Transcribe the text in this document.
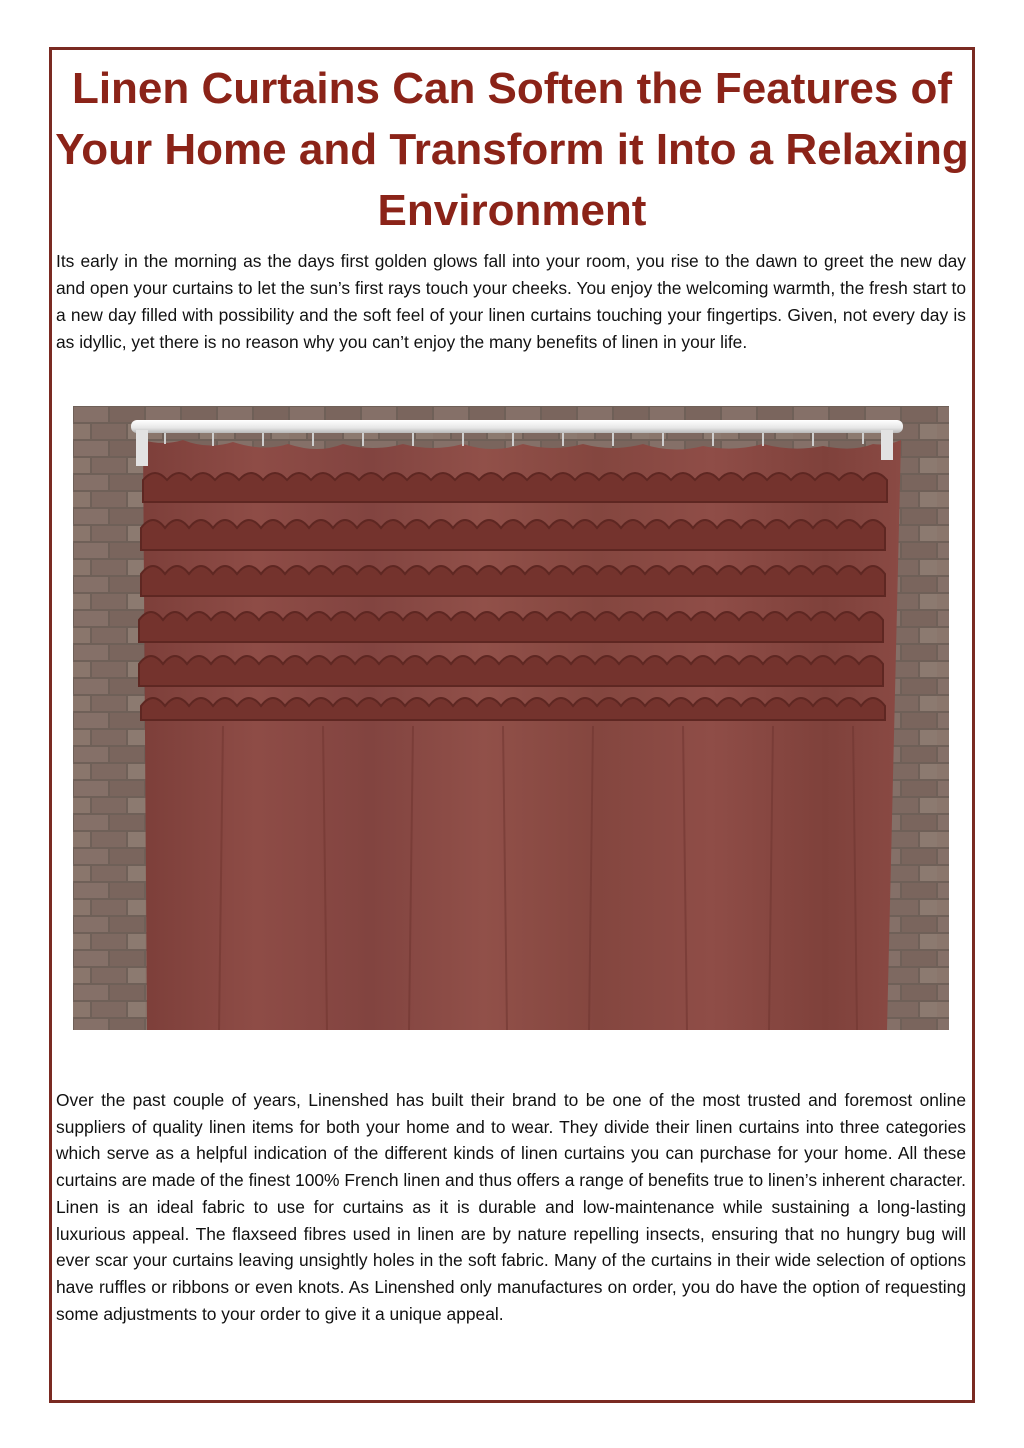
Linen Curtains Can Soften the Features of Your Home and Transform it Into a Relaxing Environment

Its early in the morning as the days first golden glows fall into your room, you rise to the dawn to greet the new day and open your curtains to let the sun’s first rays touch your cheeks. You enjoy the welcoming warmth, the fresh start to a new day filled with possibility and the soft feel of your linen curtains touching your fingertips. Given, not every day is as idyllic, yet there is no reason why you can’t enjoy the many benefits of linen in your life.

Over the past couple of years, Linenshed has built their brand to be one of the most trusted and foremost online suppliers of quality linen items for both your home and to wear. They divide their linen curtains into three categories which serve as a helpful indication of the different kinds of linen curtains you can purchase for your home. All these curtains are made of the finest 100% French linen and thus offers a range of benefits true to linen’s inherent character. Linen is an ideal fabric to use for curtains as it is durable and low-maintenance while sustaining a long-lasting luxurious appeal. The flaxseed fibres used in linen are by nature repelling insects, ensuring that no hungry bug will ever scar your curtains leaving unsightly holes in the soft fabric. Many of the curtains in their wide selection of options have ruffles or ribbons or even knots. As Linenshed only manufactures on order, you do have the option of requesting some adjustments to your order to give it a unique appeal.
